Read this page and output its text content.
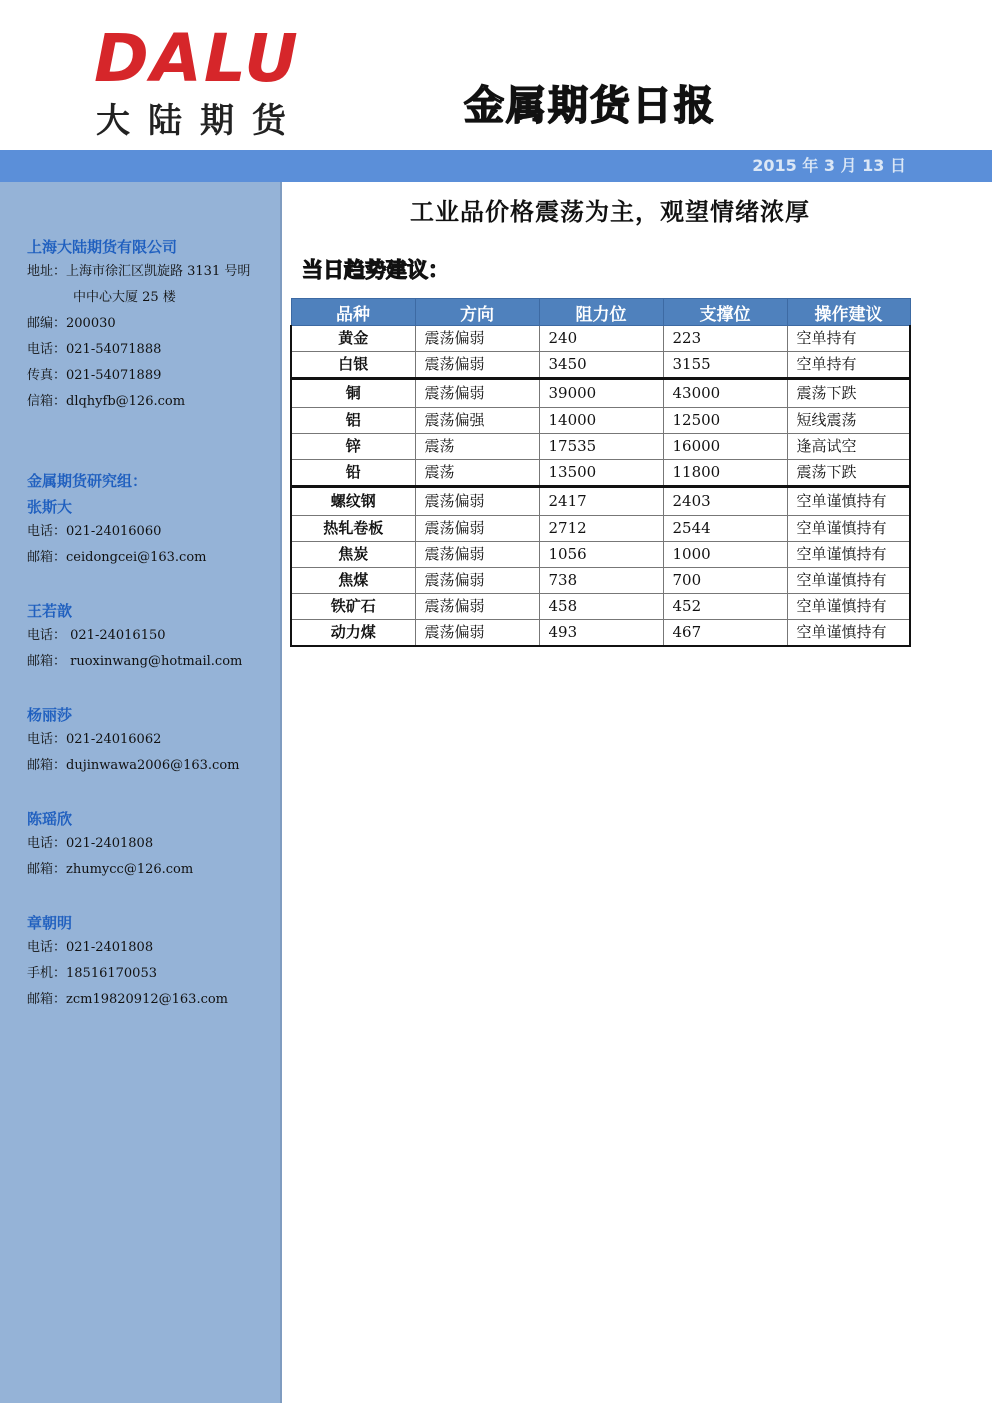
DALU
大陆期货	金属期货日报
2015 年 3 月 13 日
上海大陆期货有限公司
地址：上海市徐汇区凯旋路 3131 号明
中中心大厦 25 楼
邮编：200030
电话：021-54071888
传真：021-54071889
信箱：dlqhyfb@126.com
金属期货研究组：
张斯大
电话：021-24016060
邮箱：ceidongcei@163.com
王若歆
电话： 021-24016150
邮箱： ruoxinwang@hotmail.com
杨丽莎
电话：021-24016062
邮箱：dujinwawa2006@163.com
陈瑶欣
电话：021-2401808
邮箱：zhumycc@126.com
章朝明
电话：021-2401808
手机：18516170053
邮箱：zcm19820912@163.com
工业品价格震荡为主，观望情绪浓厚
当日趋势建议：
品种	方向	阻力位	支撑位	操作建议
黄金	震荡偏弱	240	223	空单持有
白银	震荡偏弱	3450	3155	空单持有
铜	震荡偏弱	39000	43000	震荡下跌
铝	震荡偏强	14000	12500	短线震荡
锌	震荡	17535	16000	逢高试空
铅	震荡	13500	11800	震荡下跌
螺纹钢	震荡偏弱	2417	2403	空单谨慎持有
热轧卷板	震荡偏弱	2712	2544	空单谨慎持有
焦炭	震荡偏弱	1056	1000	空单谨慎持有
焦煤	震荡偏弱	738	700	空单谨慎持有
铁矿石	震荡偏弱	458	452	空单谨慎持有
动力煤	震荡偏弱	493	467	空单谨慎持有
